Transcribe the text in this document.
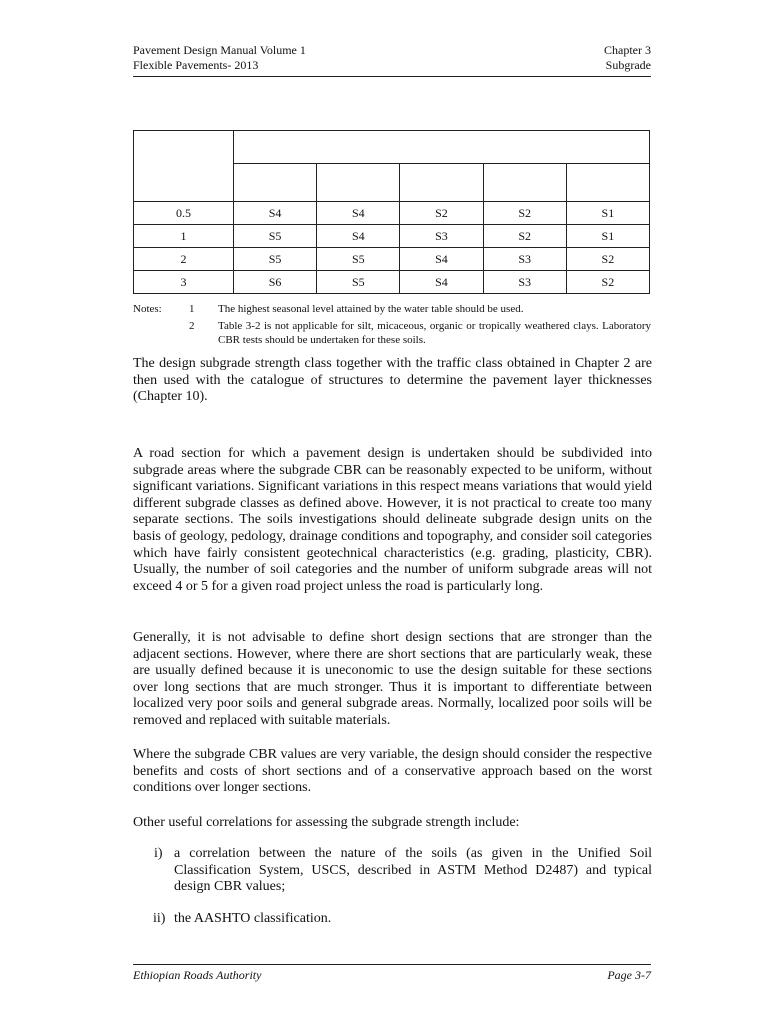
Pavement Design Manual Volume 1
Flexible Pavements- 2013
Chapter 3
Subgrade

0.5	S4	S4	S2	S2	S1
1	S5	S4	S3	S2	S1
2	S5	S5	S4	S3	S2
3	S6	S5	S4	S3	S2
Notes: 1 The highest seasonal level attained by the water table should be used.
2 Table 3-2 is not applicable for silt, micaceous, organic or tropically weathered clays. Laboratory CBR tests should be undertaken for these soils.

The design subgrade strength class together with the traffic class obtained in Chapter 2 are then used with the catalogue of structures to determine the pavement layer thicknesses (Chapter 10).

A road section for which a pavement design is undertaken should be subdivided into subgrade areas where the subgrade CBR can be reasonably expected to be uniform, without significant variations. Significant variations in this respect means variations that would yield different subgrade classes as defined above. However, it is not practical to create too many separate sections. The soils investigations should delineate subgrade design units on the basis of geology, pedology, drainage conditions and topography, and consider soil categories which have fairly consistent geotechnical characteristics (e.g. grading, plasticity, CBR). Usually, the number of soil categories and the number of uniform subgrade areas will not exceed 4 or 5 for a given road project unless the road is particularly long.

Generally, it is not advisable to define short design sections that are stronger than the adjacent sections. However, where there are short sections that are particularly weak, these are usually defined because it is uneconomic to use the design suitable for these sections over long sections that are much stronger. Thus it is important to differentiate between localized very poor soils and general subgrade areas. Normally, localized poor soils will be removed and replaced with suitable materials.

Where the subgrade CBR values are very variable, the design should consider the respective benefits and costs of short sections and of a conservative approach based on the worst conditions over longer sections.

Other useful correlations for assessing the subgrade strength include:

i) a correlation between the nature of the soils (as given in the Unified Soil Classification System, USCS, described in ASTM Method D2487) and typical design CBR values;
ii) the AASHTO classification.
Ethiopian Roads Authority	Page 3-7
